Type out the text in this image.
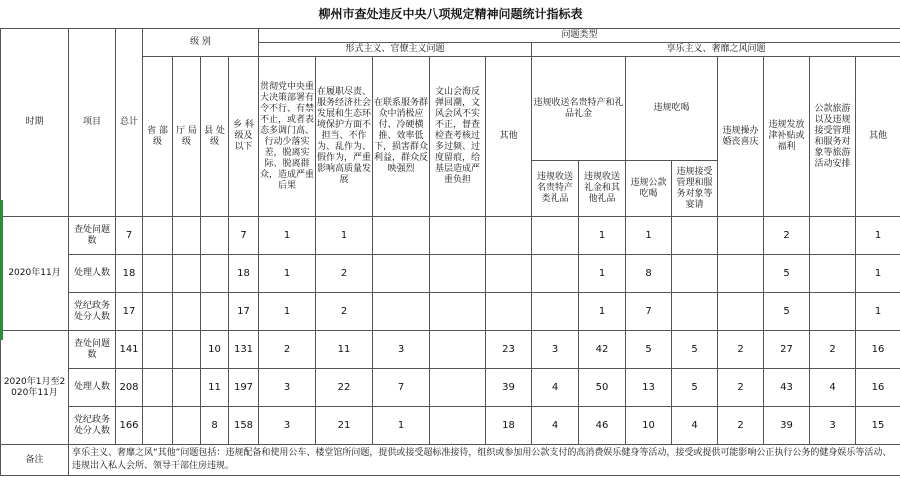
柳州市查处违反中央八项规定精神问题统计指标表																			
时期	项目	总计	级 别				问题类型												
							形式主义、官僚主义问题					享乐主义、奢靡之风问题							
			省 部 级	厅 局 级	县 处 级	乡 科 级及 以下	贯彻党中央重大决策部署有令不行、有禁不止，或者表态多调门高、行动少落实差，脱离实际、脱离群众，造成严重后果	在履职尽责、服务经济社会发展和生态环境保护方面不担当、不作为、乱作为、假作为，严重影响高质量发展	在联系服务群众中消极应付、冷硬横推、效率低下，损害群众利益，群众反映强烈	文山会海反弹回潮，文风会风不实不正，督查检查考核过多过频、过度留痕，给基层造成严重负担	其他	违规收送名贵特产和礼品礼金		违规吃喝		违规操办婚丧喜庆	违规发放津补贴或福利	公款旅游以及违规接受管理和服务对象等旅游活动安排	其他
												违规收送名贵特产类礼品	违规收送礼金和其他礼品	违规公款吃喝	违规接受管理和服务对象等宴请				
2020年11月	查处问题数	7				7	1	1					1	1			2		1
	处理人数	18				18	1	2					1	8			5		1
	党纪政务处分人数	17				17	1	2					1	7			5		1
2020年1月至2020年11月	查处问题数	141			10	131	2	11	3		23	3	42	5	5	2	27	2	16
	处理人数	208			11	197	3	22	7		39	4	50	13	5	2	43	4	16
	党纪政务处分人数	166			8	158	3	21	1		18	4	46	10	4	2	39	3	15
备注	享乐主义、奢靡之风“其他”问题包括：违规配备和使用公车、楼堂馆所问题，提供或接受超标准接待，组织或参加用公款支付的高消费娱乐健身等活动，接受或提供可能影响公正执行公务的健身娱乐等活动、违规出入私人会所、领导干部住房违规。																		
